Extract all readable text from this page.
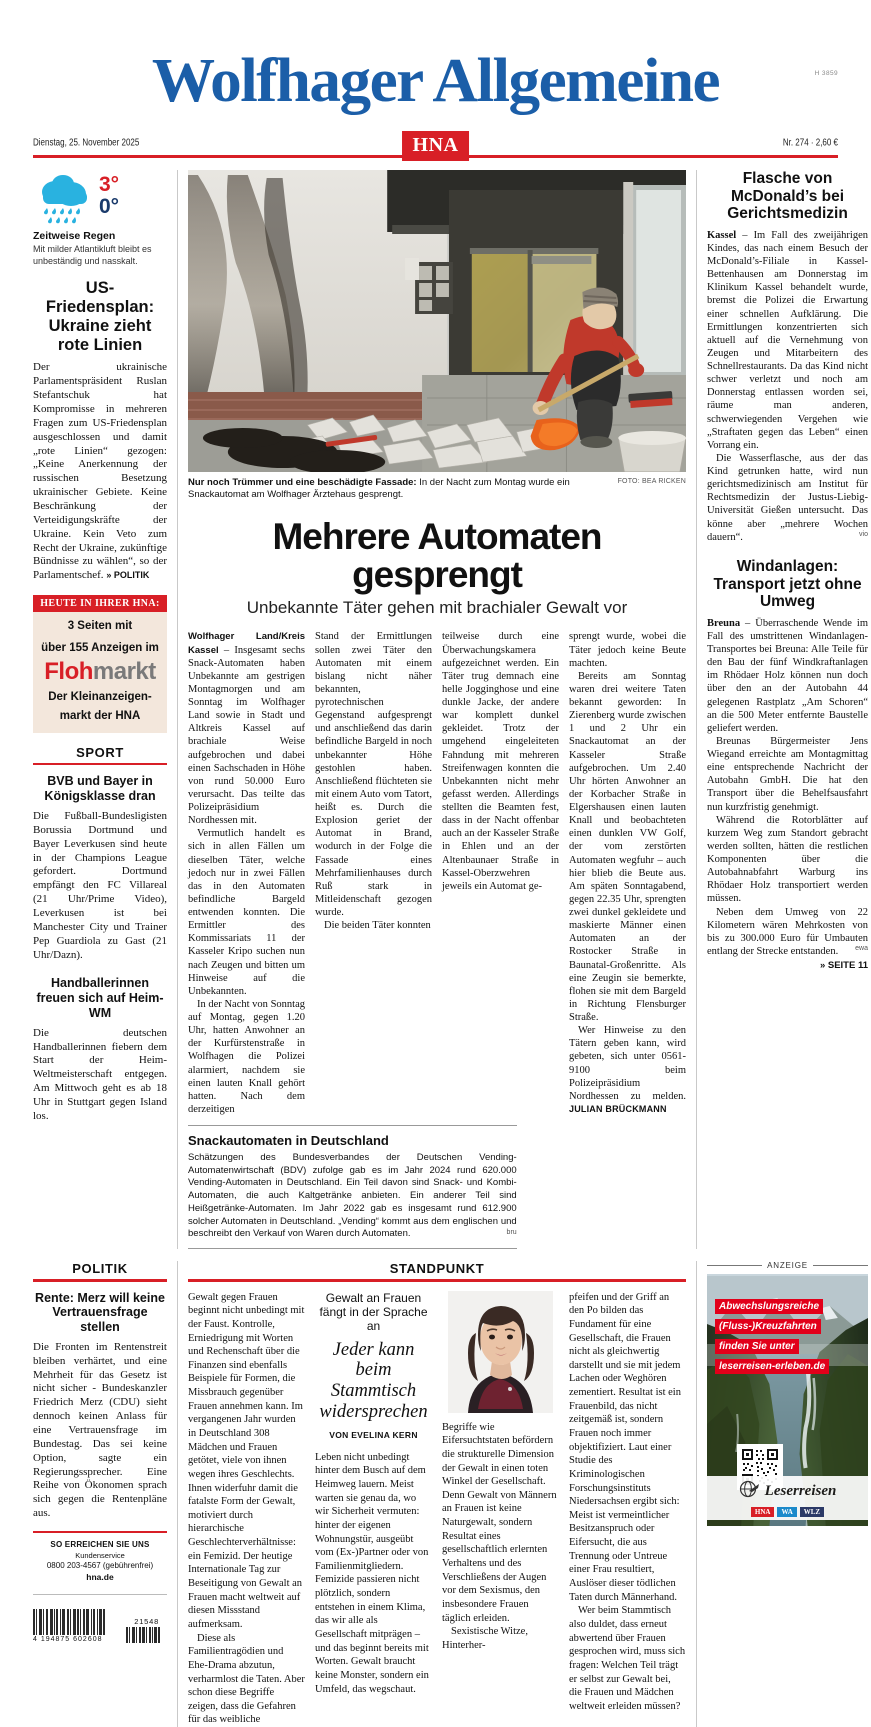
H 3859
Wolfhager Allgemeine
Dienstag, 25. November 2025	HNA	Nr. 274 · 2,60 €
3°
0°
Zeitweise Regen
Mit milder Atlantikluft bleibt es unbeständig und nasskalt.
US-Friedensplan: Ukraine zieht rote Linien
Der ukrainische Parlamentspräsident Ruslan Stefantschuk hat Kompromisse in mehreren Fragen zum US-Friedensplan ausgeschlossen und damit „rote Linien“ gezogen: „Keine Anerkennung der russischen Besetzung ukrainischer Gebiete. Keine Beschränkung der Verteidigungskräfte der Ukraine. Kein Veto zum Recht der Ukraine, zukünftige Bündnisse zu wählen“, so der Parlamentschef. » POLITIK
HEUTE IN IHRER HNA:
3 Seiten mit
über 155 Anzeigen im
Flohmarkt
Der Kleinanzeigen-
markt der HNA
SPORT
BVB und Bayer in Königsklasse dran
Die Fußball-Bundesligisten Borussia Dortmund und Bayer Leverkusen sind heute in der Champions League gefordert. Dortmund empfängt den FC Villareal (21 Uhr/Prime Video), Leverkusen ist bei Manchester City und Trainer Pep Guardiola zu Gast (21 Uhr/Dazn).
Handballerinnen freuen sich auf Heim-WM
Die deutschen Handballerinnen fiebern dem Start der Heim-Weltmeisterschaft entgegen. Am Mittwoch geht es ab 18 Uhr in Stuttgart gegen Island los.
FOTO: BEA RICKEN
Nur noch Trümmer und eine beschädigte Fassade: In der Nacht zum Montag wurde ein Snackautomat am Wolfhager Ärztehaus gesprengt.
Mehrere Automaten gesprengt
Unbekannte Täter gehen mit brachialer Gewalt vor

Wolfhager Land/Kreis Kassel – Insgesamt sechs Snack-Automaten haben Unbekannte am gestrigen Montagmorgen und am Sonntag im Wolfhager Land sowie in Stadt und Altkreis Kassel auf brachiale Weise aufgebrochen und dabei einen Sachschaden in Höhe von rund 50.000 Euro verursacht. Das teilte das Polizeipräsidium Nordhessen mit.

Vermutlich handelt es sich in allen Fällen um dieselben Täter, welche jedoch nur in zwei Fällen das in den Automaten befindliche Bargeld entwenden konnten. Die Ermittler des Kommissariats 11 der Kasseler Kripo suchen nun nach Zeugen und bitten um Hinweise auf die Unbekannten.

In der Nacht von Sonntag auf Montag, gegen 1.20 Uhr, hatten Anwohner an der Kurfürstenstraße in Wolfhagen die Polizei alarmiert, nachdem sie einen lauten Knall gehört hatten. Nach dem derzeitigen

Stand der Ermittlungen sollen zwei Täter den Automaten mit einem bislang nicht näher bekannten, pyrotechnischen Gegenstand aufgesprengt und anschließend das darin befindliche Bargeld in noch unbekannter Höhe gestohlen haben. Anschließend flüchteten sie mit einem Auto vom Tatort, heißt es. Durch die Explosion geriet der Automat in Brand, wodurch in der Folge die Fassade eines Mehrfamilienhauses durch Ruß stark in Mitleidenschaft gezogen wurde.

Die beiden Täter konnten

teilweise durch eine Überwachungskamera aufgezeichnet werden. Ein Täter trug demnach eine helle Jogginghose und eine dunkle Jacke, der andere war komplett dunkel gekleidet. Trotz der umgehend eingeleiteten Fahndung mit mehreren Streifenwagen konnten die Unbekannten nicht mehr gefasst werden. Allerdings stellten die Beamten fest, dass in der Nacht offenbar auch an der Kasseler Straße in Ehlen und an der Altenbaunaer Straße in Kassel-Oberzwehren jeweils ein Automat ge-

sprengt wurde, wobei die Täter jedoch keine Beute machten.

Bereits am Sonntag waren drei weitere Taten bekannt geworden: In Zierenberg wurde zwischen 1 und 2 Uhr ein Snackautomat an der Kasseler Straße aufgebrochen. Um 2.40 Uhr hörten Anwohner an der Korbacher Straße in Elgershausen einen lauten Knall und beobachteten einen dunklen VW Golf, der vom zerstörten Automaten wegfuhr – auch hier blieb die Beute aus. Am späten Sonntagabend, gegen 22.35 Uhr, sprengten zwei dunkel gekleidete und maskierte Männer einen Automaten an der Rostocker Straße in Baunatal-Großenritte. Als eine Zeugin sie bemerkte, flohen sie mit dem Bargeld in Richtung Flensburger Straße.

Wer Hinweise zu den Tätern geben kann, wird gebeten, sich unter 0561-9100 beim Polizeipräsidium Nordhessen zu melden. JULIAN BRÜCKMANN

Snackautomaten in Deutschland

Schätzungen des Bundesverbandes der Deutschen Vending-Automatenwirtschaft (BDV) zufolge gab es im Jahr 2024 rund 620.000 Vending-Automaten in Deutschland. Ein Teil davon sind Snack- und Kombi-Automaten, die auch Kaltgetränke anbieten. Ein anderer Teil sind Heißgetränke-Automaten. Im Jahr 2022 gab es insgesamt rund 612.900 solcher Automaten in Deutschland. „Vending“ kommt aus dem englischen und beschreibt den Verkauf von Waren durch Automaten.	bru

Flasche von McDonald’s bei Gerichtsmedizin

Kassel – Im Fall des zweijährigen Kindes, das nach einem Besuch der McDonald’s-Filiale in Kassel-Bettenhausen am Donnerstag im Klinikum Kassel behandelt wurde, bremst die Polizei die Erwartung einer schnellen Aufklärung. Die Ermittlungen konzentrierten sich aktuell auf die Vernehmung von Zeugen und Mitarbeitern des Schnellrestaurants. Da das Kind nicht schwer verletzt und noch am Donnerstag entlassen worden sei, räume man anderen, schwerwiegenden Vergehen wie „Straftaten gegen das Leben“ einen Vorrang ein.

Die Wasserflasche, aus der das Kind getrunken hatte, wird nun gerichtsmedizinisch am Institut für Rechtsmedizin der Justus-Liebig-Universität Gießen untersucht. Das könne aber „mehrere Wochen dauern“.	vio

Windanlagen: Transport jetzt ohne Umweg

Breuna – Überraschende Wende im Fall des umstrittenen Windanlagen-Transportes bei Breuna: Alle Teile für den Bau der fünf Windkraftanlagen im Rhödaer Holz können nun doch über den an der Autobahn 44 gelegenen Rastplatz „Am Schoren“ an die 500 Meter entfernte Baustelle geliefert werden.

Breunas Bürgermeister Jens Wiegand erreichte am Montagmittag eine entsprechende Nachricht der Autobahn GmbH. Die hat den Transport über die Behelfsausfahrt nun kurzfristig genehmigt.

Während die Rotorblätter auf kurzem Weg zum Standort gebracht werden sollten, hätten die restlichen Komponenten über die Autobahnabfahrt Warburg ins Rhödaer Holz transportiert werden müssen.

Neben dem Umweg von 22 Kilometern wären Mehrkosten von bis zu 300.000 Euro für Umbauten entlang der Strecke entstanden.	ewa

» SEITE 11
POLITIK
Rente: Merz will keine Vertrauensfrage stellen
Die Fronten im Rentenstreit bleiben verhärtet, und eine Mehrheit für das Gesetz ist nicht sicher - Bundeskanzler Friedrich Merz (CDU) sieht dennoch keinen Anlass für eine Vertrauensfrage im Bundestag. Das sei keine Option, sagte ein Regierungssprecher. Eine Reihe von Ökonomen sprach sich gegen die Rentenpläne aus.
SO ERREICHEN SIE UNS
Kundenservice
0800 203-4567 (gebührenfrei)
hna.de
4 194875 602608
21548
STANDPUNKT

Gewalt gegen Frauen beginnt nicht unbedingt mit der Faust. Kontrolle, Erniedrigung mit Worten und Rechenschaft über die Finanzen sind ebenfalls Beispiele für Formen, die Missbrauch gegenüber Frauen annehmen kann. Im vergangenen Jahr wurden in Deutschland 308 Mädchen und Frauen getötet, viele von ihnen wegen ihres Geschlechts. Ihnen widerfuhr damit die fatalste Form der Gewalt, motiviert durch hierarchische Geschlechterverhältnisse: ein Femizid. Der heutige Internationale Tag zur Beseitigung von Gewalt an Frauen macht weltweit auf diesen Missstand aufmerksam.

Diese als Familientragödien und Ehe-Drama abzutun, verharmlost die Taten. Aber schon diese Begriffe zeigen, dass die Gefahren für das weibliche

Gewalt an Frauen fängt in der Sprache an
Jeder kann beim Stammtisch widersprechen
VON EVELINA KERN

Leben nicht unbedingt hinter dem Busch auf dem Heimweg lauern. Meist warten sie genau da, wo wir Sicherheit vermuten: hinter der eigenen Wohnungstür, ausgeübt vom (Ex-)Partner oder von Familienmitgliedern. Femizide passieren nicht plötzlich, sondern entstehen in einem Klima, das wir alle als Gesellschaft mitprägen – und das beginnt bereits mit Worten. Gewalt braucht keine Monster, sondern ein Umfeld, das wegschaut.

Begriffe wie Eifersuchtstaten befördern die strukturelle Dimension der Gewalt in einen toten Winkel der Gesellschaft. Denn Gewalt von Männern an Frauen ist keine Naturgewalt, sondern Resultat eines gesellschaftlich erlernten Verhaltens und des Verschließens der Augen vor dem Sexismus, den insbesondere Frauen täglich erleiden.

Sexistische Witze, Hinterher-

pfeifen und der Griff an den Po bilden das Fundament für eine Gesellschaft, die Frauen nicht als gleichwertig darstellt und sie mit jedem Lachen oder Weghören zementiert. Resultat ist ein Frauenbild, das nicht zeitgemäß ist, sondern Frauen noch immer objektifiziert. Laut einer Studie des Kriminologischen Forschungsinstituts Niedersachsen ergibt sich: Meist ist vermeintlicher Besitzanspruch oder Eifersucht, die aus Trennung oder Untreue einer Frau resultiert, Auslöser dieser tödlichen Taten durch Männerhand.

Wer beim Stammtisch also duldet, dass erneut abwertend über Frauen gesprochen wird, muss sich fragen: Welchen Teil trägt er selbst zur Gewalt bei, die Frauen und Mädchen weltweit erleiden müssen?

ANZEIGE
Abwechslungsreiche
(Fluss-)Kreuzfahrten
finden Sie unter
leserreisen-erleben.de
Leserreisen
HNA	WA	WLZ
